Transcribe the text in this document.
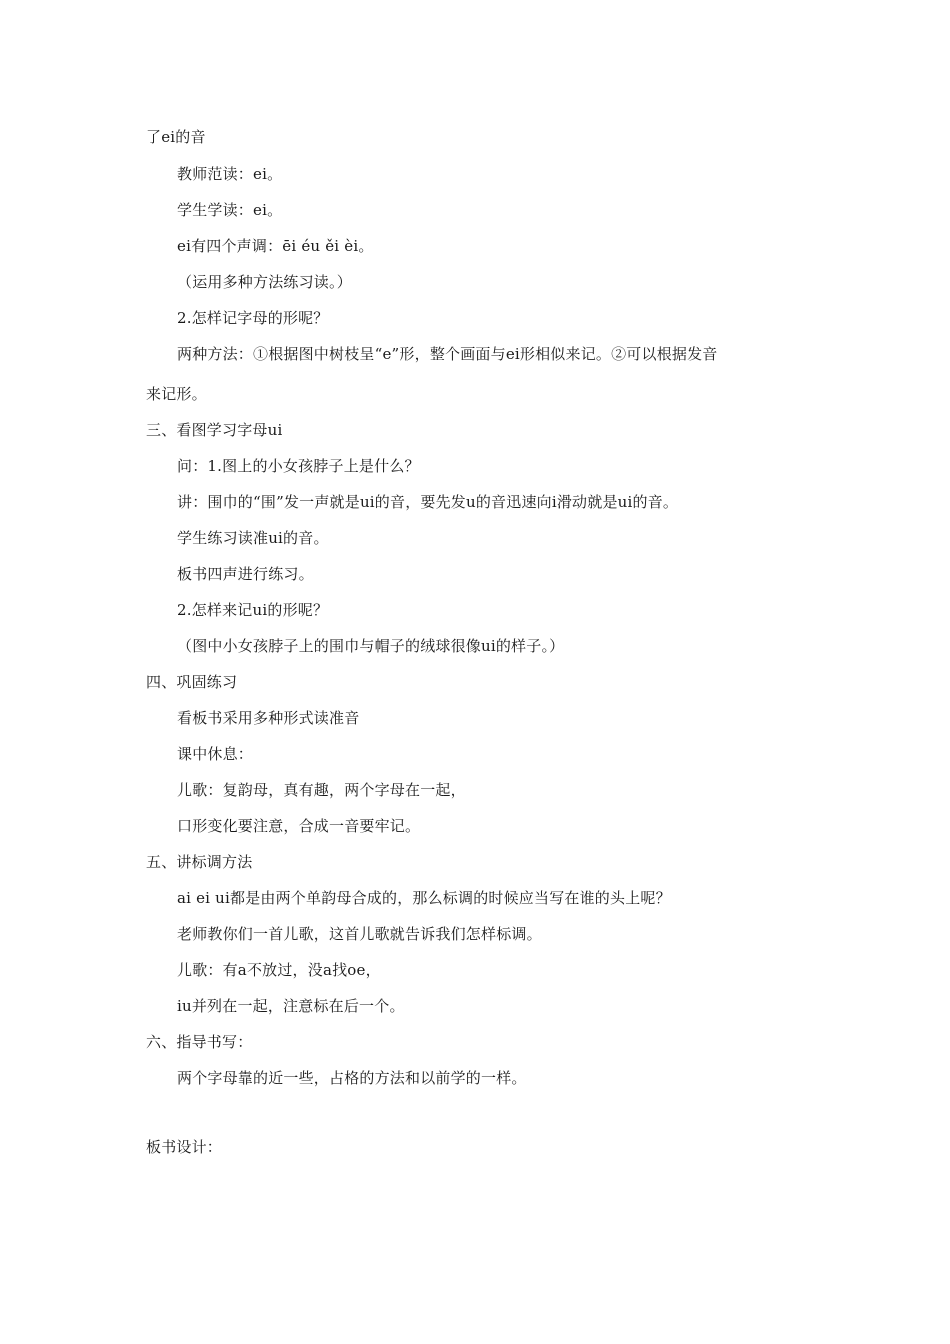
了ei的音
教师范读：ei。
学生学读：ei。
ei有四个声调：ēi éu ěi èi。
（运用多种方法练习读。）
2.怎样记字母的形呢？
两种方法：①根据图中树枝呈“e”形，整个画面与ei形相似来记。②可以根据发音
来记形。
三、看图学习字母ui
问：1.图上的小女孩脖子上是什么？
讲：围巾的“围”发一声就是ui的音，要先发u的音迅速向i滑动就是ui的音。
学生练习读准ui的音。
板书四声进行练习。
2.怎样来记ui的形呢？
（图中小女孩脖子上的围巾与帽子的绒球很像ui的样子。）
四、巩固练习
看板书采用多种形式读准音
课中休息：
儿歌：复韵母，真有趣，两个字母在一起，
口形变化要注意，合成一音要牢记。
五、讲标调方法
ai ei ui都是由两个单韵母合成的，那么标调的时候应当写在谁的头上呢？
老师教你们一首儿歌，这首儿歌就告诉我们怎样标调。
儿歌：有a不放过，没a找oe，
iu并列在一起，注意标在后一个。
六、指导书写：
两个字母靠的近一些，占格的方法和以前学的一样。
板书设计：
